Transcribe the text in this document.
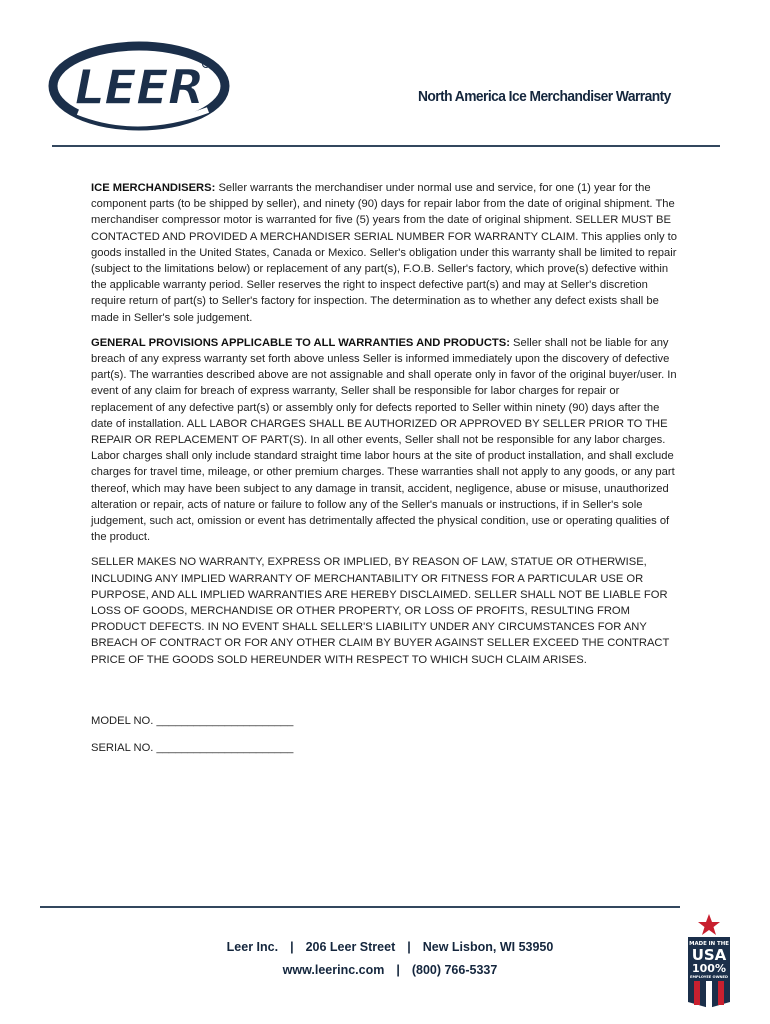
LEER	North America Ice Merchandiser Warranty

ICE MERCHANDISERS: Seller warrants the merchandiser under normal use and service, for one (1) year for the component parts (to be shipped by seller), and ninety (90) days for repair labor from the date of original shipment. The merchandiser compressor motor is warranted for five (5) years from the date of original shipment. SELLER MUST BE CONTACTED AND PROVIDED A MERCHANDISER SERIAL NUMBER FOR WARRANTY CLAIM. This applies only to goods installed in the United States, Canada or Mexico. Seller's obligation under this warranty shall be limited to repair (subject to the limitations below) or replacement of any part(s), F.O.B. Seller's factory, which prove(s) defective within the applicable warranty period. Seller reserves the right to inspect defective part(s) and may at Seller's discretion require return of part(s) to Seller's factory for inspection. The determination as to whether any defect exists shall be made in Seller's sole judgement.

GENERAL PROVISIONS APPLICABLE TO ALL WARRANTIES AND PRODUCTS: Seller shall not be liable for any breach of any express warranty set forth above unless Seller is informed immediately upon the discovery of defective part(s). The warranties described above are not assignable and shall operate only in favor of the original buyer/user. In event of any claim for breach of express warranty, Seller shall be responsible for labor charges for repair or replacement of any defective part(s) or assembly only for defects reported to Seller within ninety (90) days after the date of installation. ALL LABOR CHARGES SHALL BE AUTHORIZED OR APPROVED BY SELLER PRIOR TO THE REPAIR OR REPLACEMENT OF PART(S). In all other events, Seller shall not be responsible for any labor charges. Labor charges shall only include standard straight time labor hours at the site of product installation, and shall exclude charges for travel time, mileage, or other premium charges. These warranties shall not apply to any goods, or any part thereof, which may have been subject to any damage in transit, accident, negligence, abuse or misuse, unauthorized alteration or repair, acts of nature or failure to follow any of the Seller's manuals or instructions, if in Seller's sole judgement, such act, omission or event has detrimentally affected the physical condition, use or operating qualities of the product.

SELLER MAKES NO WARRANTY, EXPRESS OR IMPLIED, BY REASON OF LAW, STATUE OR OTHERWISE, INCLUDING ANY IMPLIED WARRANTY OF MERCHANTABILITY OR FITNESS FOR A PARTICULAR USE OR PURPOSE, AND ALL IMPLIED WARRANTIES ARE HEREBY DISCLAIMED. SELLER SHALL NOT BE LIABLE FOR LOSS OF GOODS, MERCHANDISE OR OTHER PROPERTY, OR LOSS OF PROFITS, RESULTING FROM PRODUCT DEFECTS. IN NO EVENT SHALL SELLER'S LIABILITY UNDER ANY CIRCUMSTANCES FOR ANY BREACH OF CONTRACT OR FOR ANY OTHER CLAIM BY BUYER AGAINST SELLER EXCEED THE CONTRACT PRICE OF THE GOODS SOLD HEREUNDER WITH RESPECT TO WHICH SUCH CLAIM ARISES.

MODEL NO. ______________________

SERIAL NO. ______________________

Leer Inc. | 206 Leer Street | New Lisbon, WI 53950
www.leerinc.com | (800) 766-5337
MADE IN THE
USA
100%
EMPLOYEE OWNED
